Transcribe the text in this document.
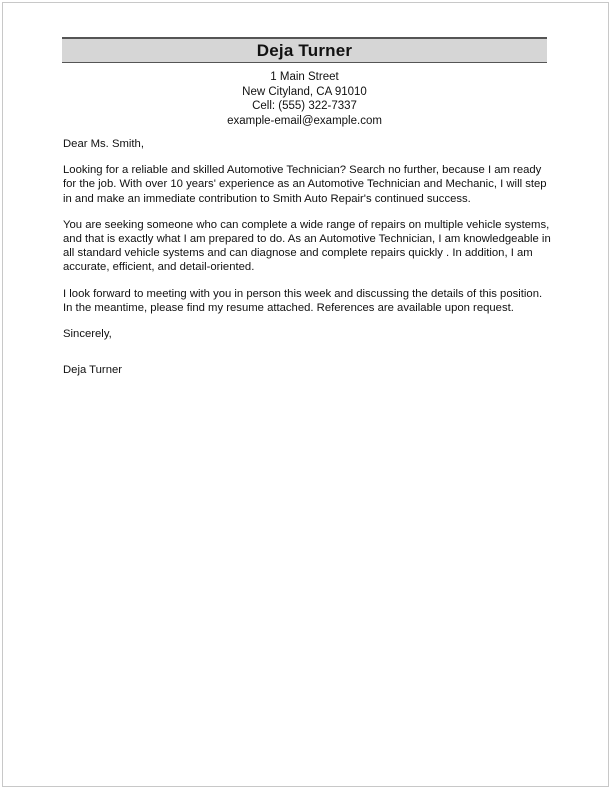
Deja Turner
1 Main Street
New Cityland, CA 91010
Cell: (555) 322-7337
example-email@example.com

Dear Ms. Smith,

Looking for a reliable and skilled Automotive Technician? Search no further, because I am ready for the job. With over 10 years' experience as an Automotive Technician and Mechanic, I will step in and make an immediate contribution to Smith Auto Repair's continued success.

You are seeking someone who can complete a wide range of repairs on multiple vehicle systems, and that is exactly what I am prepared to do. As an Automotive Technician, I am knowledgeable in all standard vehicle systems and can diagnose and complete repairs quickly . In addition, I am accurate, efficient, and detail-oriented.

I look forward to meeting with you in person this week and discussing the details of this position. In the meantime, please find my resume attached. References are available upon request.

Sincerely,

Deja Turner
